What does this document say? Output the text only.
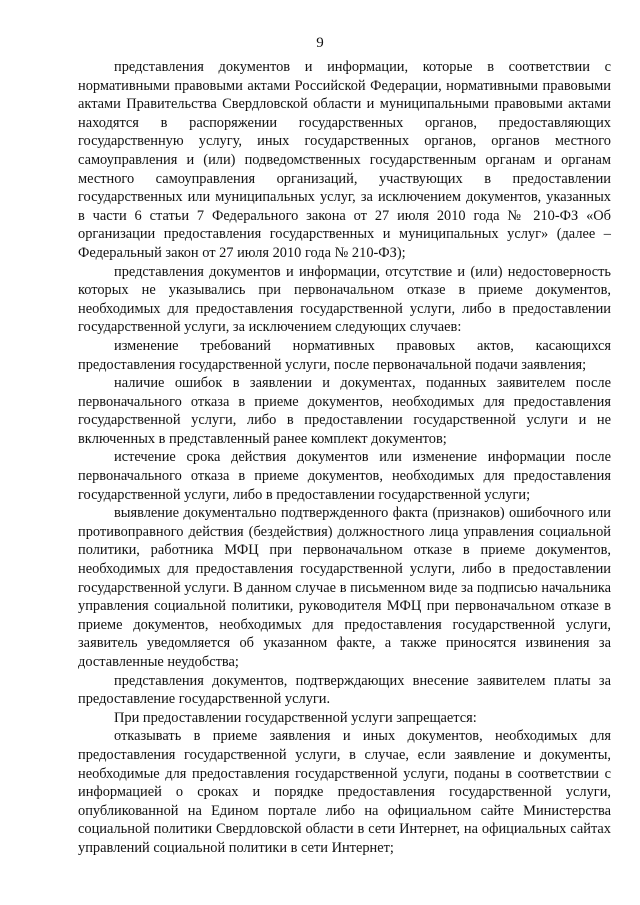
9

представления документов и информации, которые в соответствии с нормативными правовыми актами Российской Федерации, нормативными правовыми актами Правительства Свердловской области и муниципальными правовыми актами находятся в распоряжении государственных органов, предоставляющих государственную услугу, иных государственных органов, органов местного самоуправления и (или) подведомственных государственным органам и органам местного самоуправления организаций, участвующих в предоставлении государственных или муниципальных услуг, за исключением документов, указанных в части 6 статьи 7 Федерального закона от 27 июля 2010 года № 210-ФЗ «Об организации предоставления государственных и муниципальных услуг» (далее – Федеральный закон от 27 июля 2010 года № 210-ФЗ);

представления документов и информации, отсутствие и (или) недостоверность которых не указывались при первоначальном отказе в приеме документов, необходимых для предоставления государственной услуги, либо в предоставлении государственной услуги, за исключением следующих случаев:

изменение требований нормативных правовых актов, касающихся предоставления государственной услуги, после первоначальной подачи заявления;

наличие ошибок в заявлении и документах, поданных заявителем после первоначального отказа в приеме документов, необходимых для предоставления государственной услуги, либо в предоставлении государственной услуги и не включенных в представленный ранее комплект документов;

истечение срока действия документов или изменение информации после первоначального отказа в приеме документов, необходимых для предоставления государственной услуги, либо в предоставлении государственной услуги;

выявление документально подтвержденного факта (признаков) ошибочного или противоправного действия (бездействия) должностного лица управления социальной политики, работника МФЦ при первоначальном отказе в приеме документов, необходимых для предоставления государственной услуги, либо в предоставлении государственной услуги. В данном случае в письменном виде за подписью начальника управления социальной политики, руководителя МФЦ при первоначальном отказе в приеме документов, необходимых для предоставления государственной услуги, заявитель уведомляется об указанном факте, а также приносятся извинения за доставленные неудобства;

представления документов, подтверждающих внесение заявителем платы за предоставление государственной услуги.

При предоставлении государственной услуги запрещается:

отказывать в приеме заявления и иных документов, необходимых для предоставления государственной услуги, в случае, если заявление и документы, необходимые для предоставления государственной услуги, поданы в соответствии с информацией о сроках и порядке предоставления государственной услуги, опубликованной на Едином портале либо на официальном сайте Министерства социальной политики Свердловской области в сети Интернет, на официальных сайтах управлений социальной политики в сети Интернет;
